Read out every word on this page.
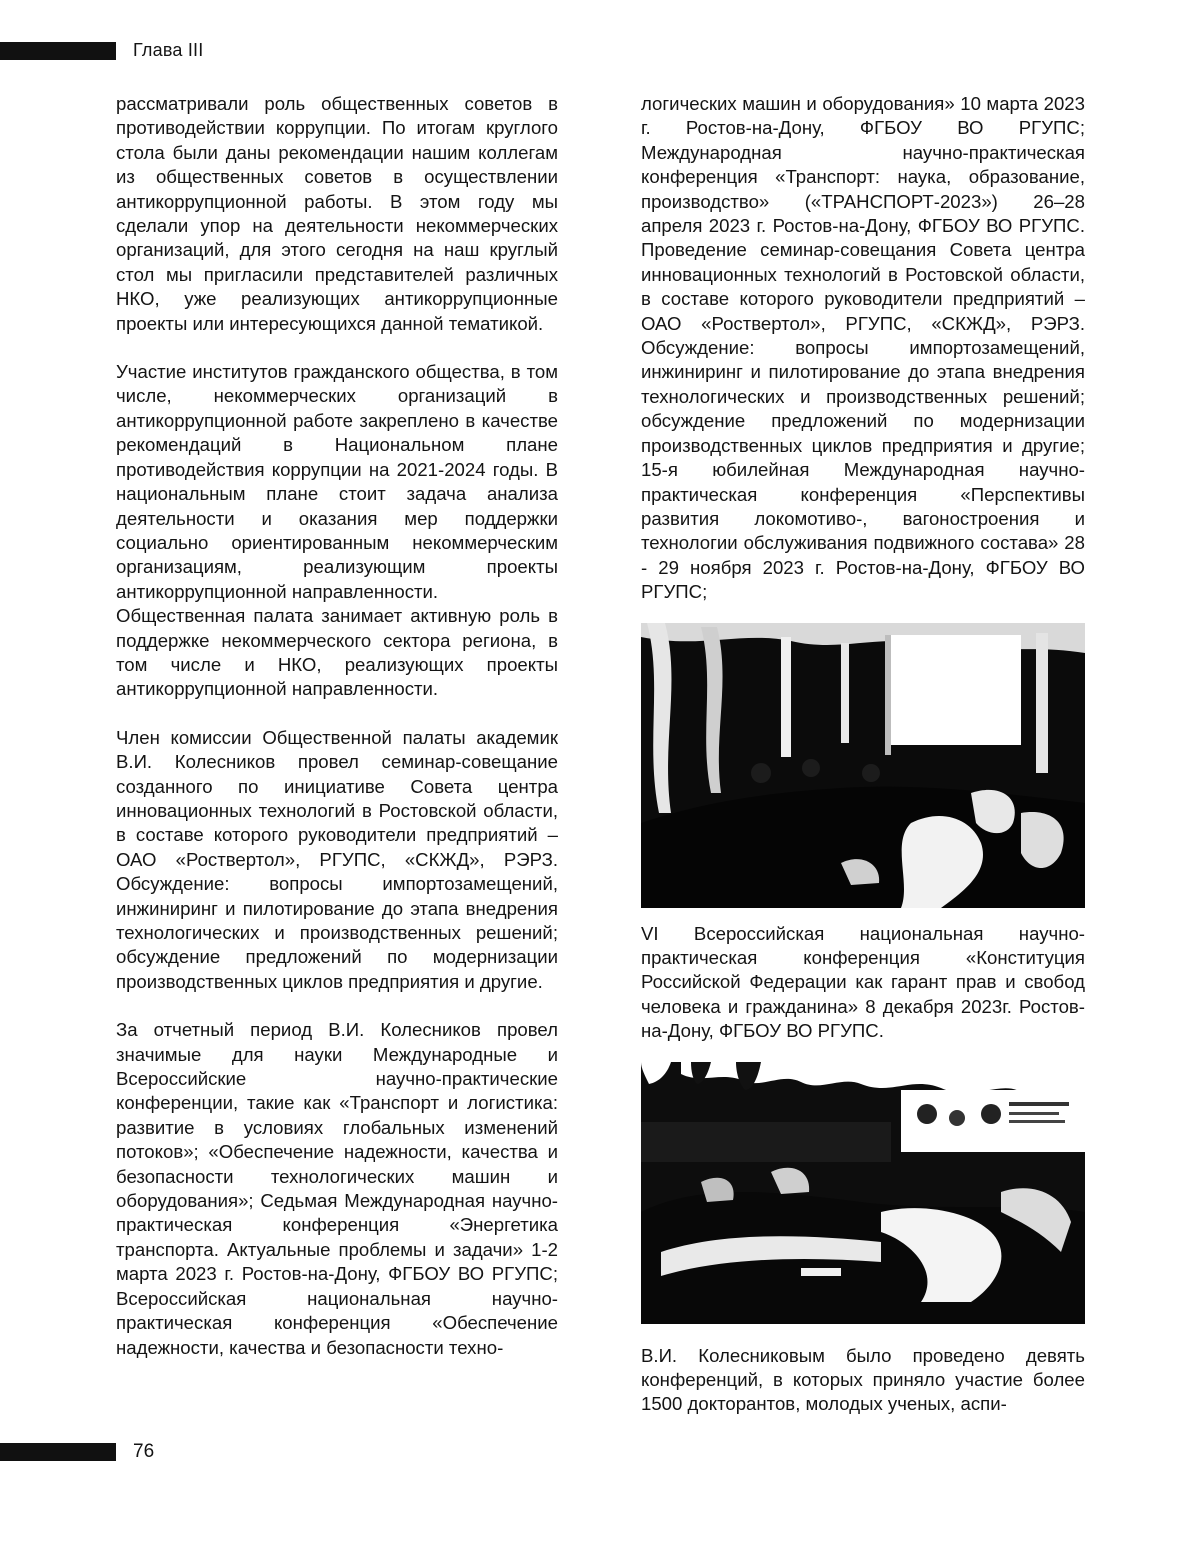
Глава III

рассматривали роль общественных советов в противодействии коррупции. По итогам круглого стола были даны рекомендации нашим коллегам из общественных советов в осуществлении антикоррупционной работы. В этом году мы сделали упор на деятельности некоммерческих организаций, для этого сегодня на наш круглый стол мы пригласили представителей различных НКО, уже реализующих антикоррупционные проекты или интересующихся данной тематикой.

Участие институтов гражданского общества, в том числе, некоммерческих организаций в антикоррупционной работе закреплено в качестве рекомендаций в Национальном плане противодействия коррупции на 2021-2024 годы. В национальным плане стоит задача анализа деятельности и оказания мер поддержки социально ориентированным некоммерческим организациям, реализующим проекты антикоррупционной направленности.

Общественная палата занимает активную роль в поддержке некоммерческого сектора региона, в том числе и НКО, реализующих проекты антикоррупционной направленности.

Член комиссии Общественной палаты академик В.И. Колесников провел семинар-совещание созданного по инициативе Совета центра инновационных технологий в Ростовской области, в составе которого руководители предприятий – ОАО «Роствертол», РГУПС, «СКЖД», РЭРЗ. Обсуждение: вопросы импортозамещений, инжиниринг и пилотирование до этапа внедрения технологических и производственных решений; обсуждение предложений по модернизации производственных циклов предприятия и другие.

За отчетный период В.И. Колесников провел значимые для науки Международные и Всероссийские научно-практические конференции, такие как «Транспорт и логистика: развитие в условиях глобальных изменений потоков»; «Обеспечение надежности, качества и безопасности технологических машин и оборудования»; Седьмая Международная научно-практическая конференция «Энергетика транспорта. Актуальные проблемы и задачи» 1-2 марта 2023 г. Ростов-на-Дону, ФГБОУ ВО РГУПС; Всероссийская национальная научно-практическая конференция «Обеспечение надежности, качества и безопасности техно-

логических машин и оборудования» 10 марта 2023 г. Ростов-на-Дону, ФГБОУ ВО РГУПС; Международная научно-практическая конференция «Транспорт: наука, образование, производство» («ТРАНСПОРТ-2023») 26–28 апреля 2023 г. Ростов-на-Дону, ФГБОУ ВО РГУПС. Проведение семинар-совещания Совета центра инновационных технологий в Ростовской области, в составе которого руководители предприятий – ОАО «Роствертол», РГУПС, «СКЖД», РЭРЗ. Обсуждение: вопросы импортозамещений, инжиниринг и пилотирование до этапа внедрения технологических и производственных решений; обсуждение предложений по модернизации производственных циклов предприятия и другие; 15-я юбилейная Международная научно-практическая конференция «Перспективы развития локомотиво-, вагоностроения и технологии обслуживания подвижного состава» 28 - 29 ноября 2023 г. Ростов-на-Дону, ФГБОУ ВО РГУПС;

VI Всероссийская национальная научно-практическая конференция «Конституция Российской Федерации как гарант прав и свобод человека и гражданина» 8 декабря 2023г. Ростов-на-Дону, ФГБОУ ВО РГУПС.

В.И. Колесниковым было проведено девять конференций, в которых приняло участие более 1500 докторантов, молодых ученых, аспи-

76
